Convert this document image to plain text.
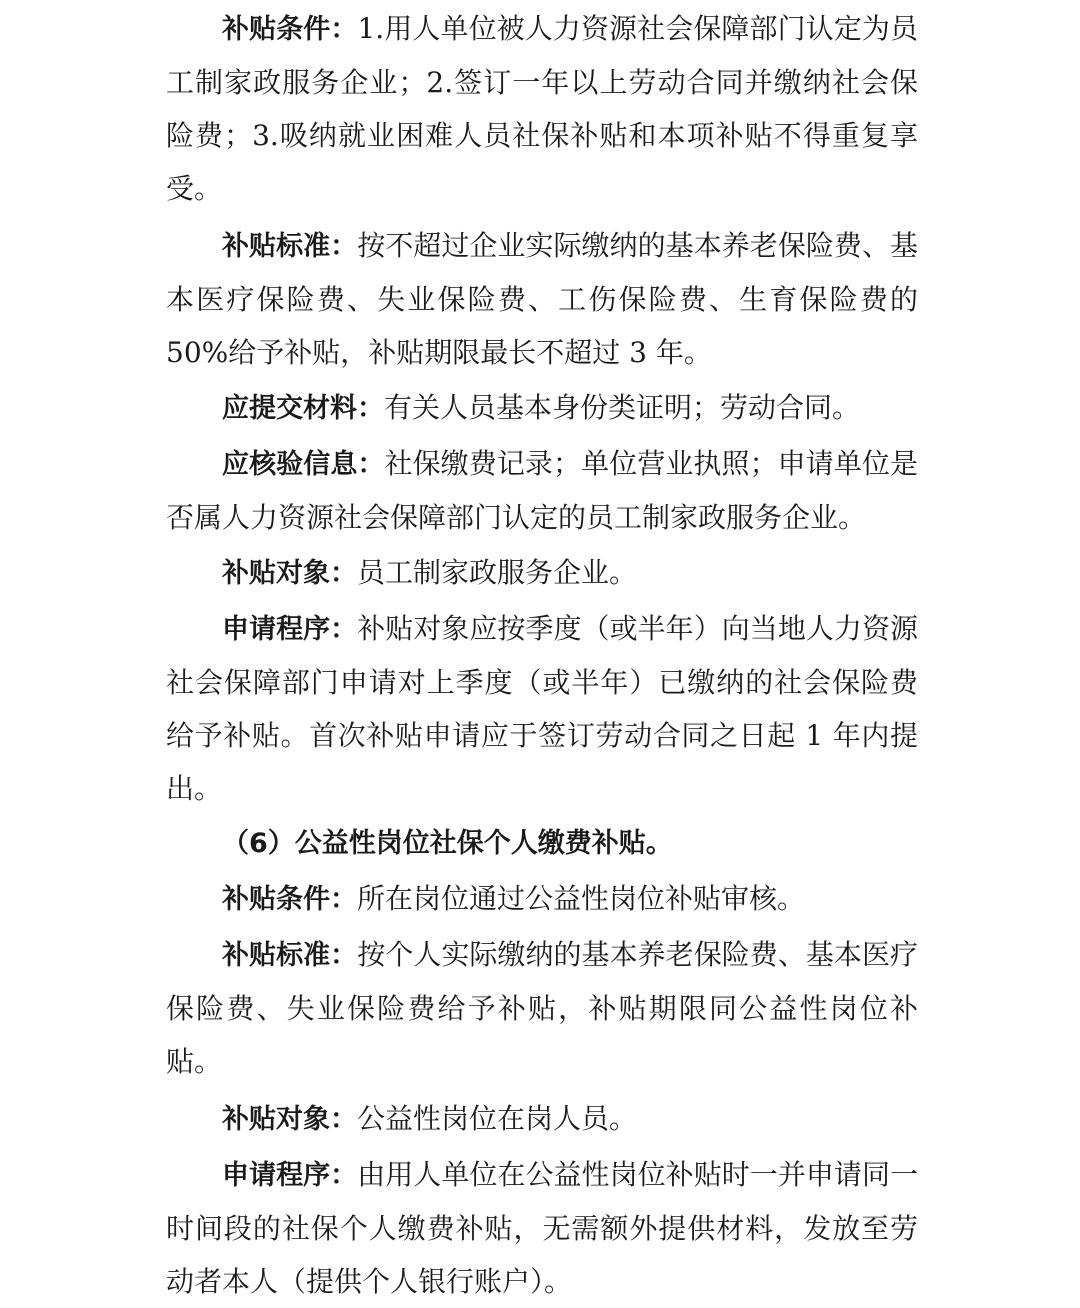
补贴条件：1.用人单位被人力资源社会保障部门认定为员工制家政服务企业；2.签订一年以上劳动合同并缴纳社会保险费；3.吸纳就业困难人员社保补贴和本项补贴不得重复享受。

补贴标准：按不超过企业实际缴纳的基本养老保险费、基本医疗保险费、失业保险费、工伤保险费、生育保险费的50%给予补贴，补贴期限最长不超过 3 年。

应提交材料：有关人员基本身份类证明；劳动合同。

应核验信息：社保缴费记录；单位营业执照；申请单位是否属人力资源社会保障部门认定的员工制家政服务企业。

补贴对象：员工制家政服务企业。

申请程序：补贴对象应按季度（或半年）向当地人力资源社会保障部门申请对上季度（或半年）已缴纳的社会保险费给予补贴。首次补贴申请应于签订劳动合同之日起 1 年内提出。

（6）公益性岗位社保个人缴费补贴。

补贴条件：所在岗位通过公益性岗位补贴审核。

补贴标准：按个人实际缴纳的基本养老保险费、基本医疗保险费、失业保险费给予补贴，补贴期限同公益性岗位补贴。

补贴对象：公益性岗位在岗人员。

申请程序：由用人单位在公益性岗位补贴时一并申请同一时间段的社保个人缴费补贴，无需额外提供材料，发放至劳动者本人（提供个人银行账户）。
